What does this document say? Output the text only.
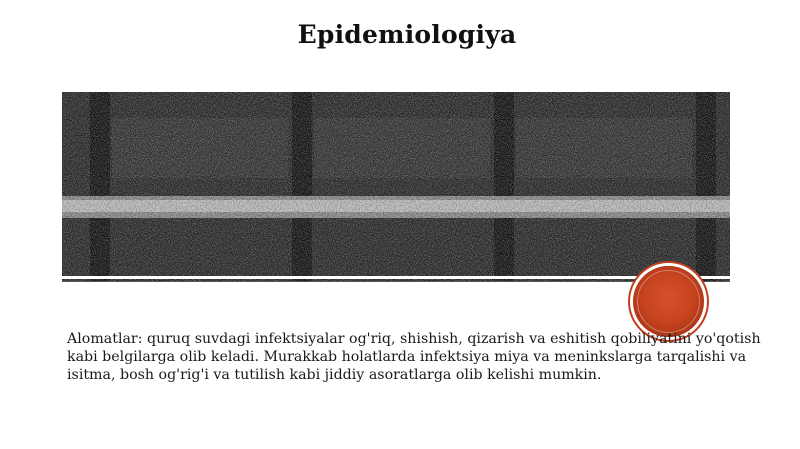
Epidemiologiya

Alomatlar: quruq suvdagi infektsiyalar og'riq, shishish, qizarish va eshitish qobiliyatini yo'qotish kabi belgilarga olib keladi. Murakkab holatlarda infektsiya miya va meninkslarga tarqalishi va isitma, bosh og'rig'i va tutilish kabi jiddiy asoratlarga olib kelishi mumkin.
